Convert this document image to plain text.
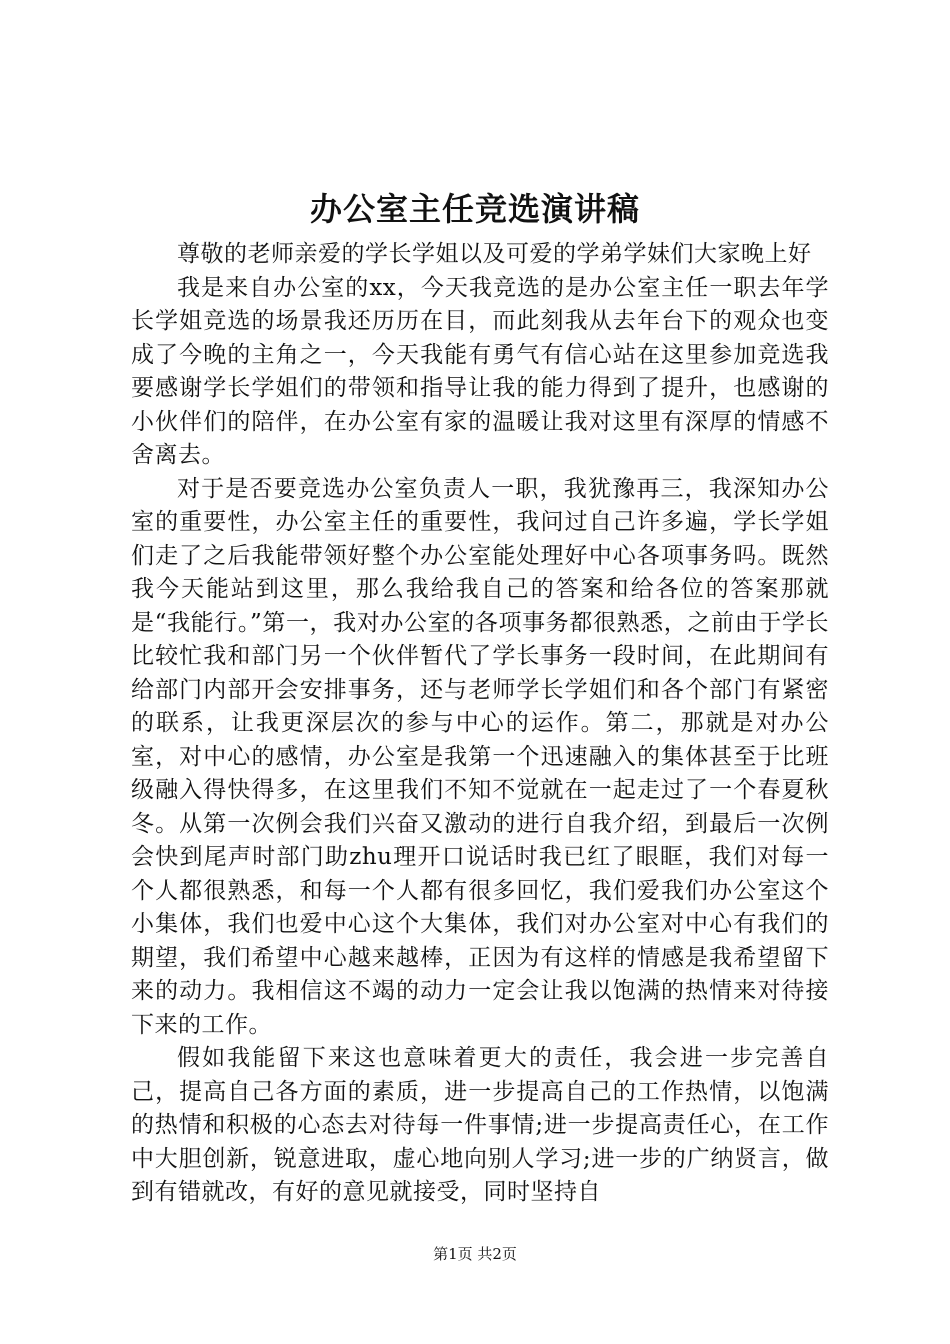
办公室主任竞选演讲稿

尊敬的老师亲爱的学长学姐以及可爱的学弟学妹们大家晚上好

我是来自办公室的xx，今天我竞选的是办公室主任一职去年学长学姐竞选的场景我还历历在目，而此刻我从去年台下的观众也变成了今晚的主角之一，今天我能有勇气有信心站在这里参加竞选我要感谢学长学姐们的带领和指导让我的能力得到了提升，也感谢的小伙伴们的陪伴，在办公室有家的温暖让我对这里有深厚的情感不舍离去。

对于是否要竞选办公室负责人一职，我犹豫再三，我深知办公室的重要性，办公室主任的重要性，我问过自己许多遍，学长学姐们走了之后我能带领好整个办公室能处理好中心各项事务吗。既然我今天能站到这里，那么我给我自己的答案和给各位的答案那就是“我能行。”第一，我对办公室的各项事务都很熟悉，之前由于学长比较忙我和部门另一个伙伴暂代了学长事务一段时间，在此期间有给部门内部开会安排事务，还与老师学长学姐们和各个部门有紧密的联系，让我更深层次的参与中心的运作。第二，那就是对办公室，对中心的感情，办公室是我第一个迅速融入的集体甚至于比班级融入得快得多，在这里我们不知不觉就在一起走过了一个春夏秋冬。从第一次例会我们兴奋又激动的进行自我介绍，到最后一次例会快到尾声时部门助zhu理开口说话时我已红了眼眶，我们对每一个人都很熟悉，和每一个人都有很多回忆，我们爱我们办公室这个小集体，我们也爱中心这个大集体，我们对办公室对中心有我们的期望，我们希望中心越来越棒，正因为有这样的情感是我希望留下来的动力。我相信这不竭的动力一定会让我以饱满的热情来对待接下来的工作。

假如我能留下来这也意味着更大的责任，我会进一步完善自己，提高自己各方面的素质，进一步提高自己的工作热情，以饱满的热情和积极的心态去对待每一件事情;进一步提高责任心，在工作中大胆创新，锐意进取，虚心地向别人学习;进一步的广纳贤言，做到有错就改，有好的意见就接受，同时坚持自

第1页 共2页
